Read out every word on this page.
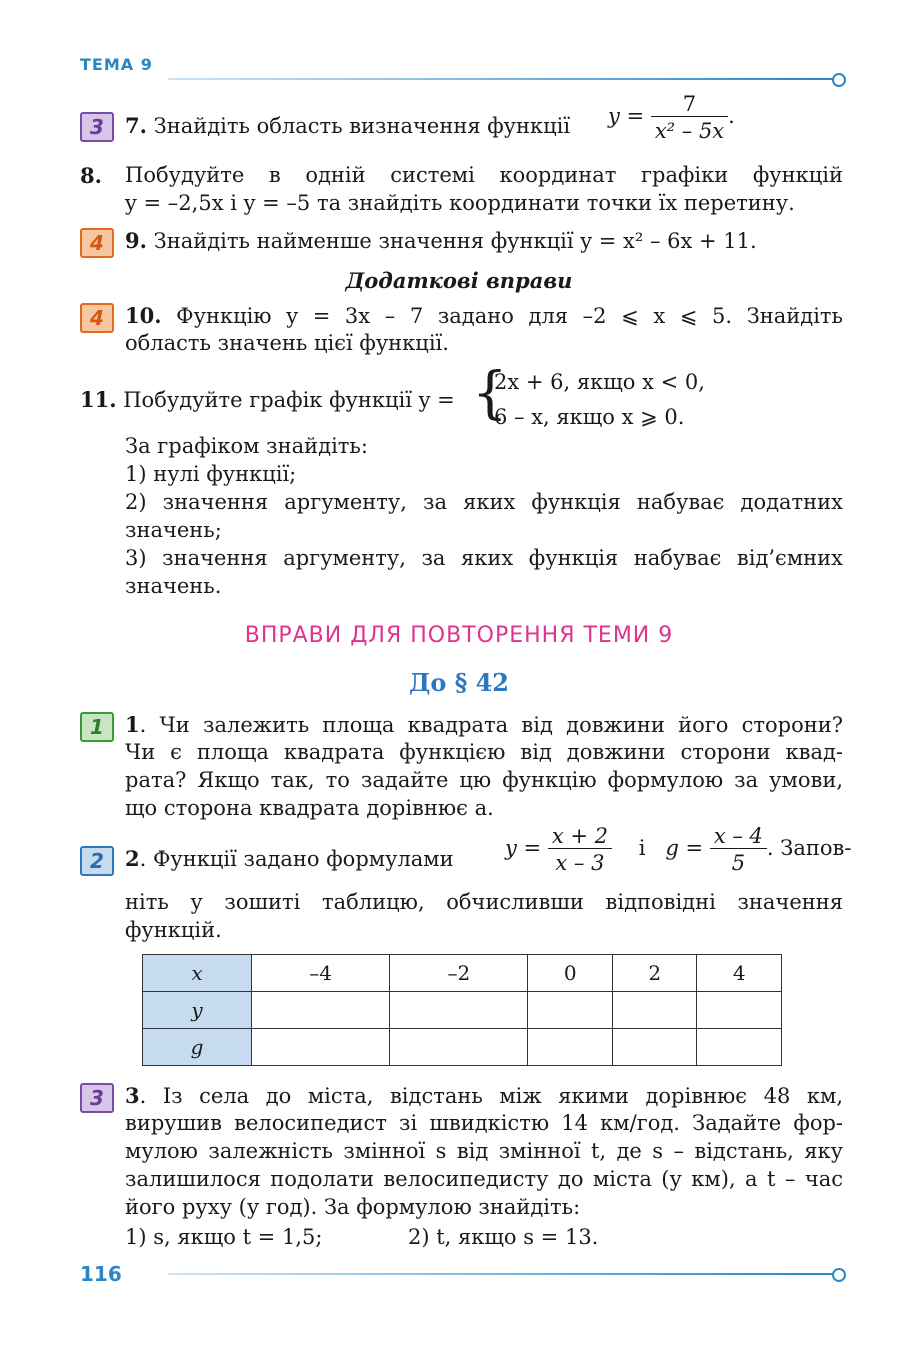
ТЕМА 9
3	7. Знайдіть область визначення функції $y = \frac{7}{\text{x² – 5x}}$ .
8. Побудуйте в одній системі координат графіки функцій
y = –2,5x і y = –5 та знайдіть координати точки їх перетину.
4	9. Знайдіть найменше значення функції y = x² – 6x + 11.
Додаткові вправи
4	10. Функцію y = 3x – 7 задано для –2 ⩽ x ⩽ 5. Знайдіть
область значень цієї функції.
11. Побудуйте графік функції y = {
2x + 6, якщо x < 0,
6 – x, якщо x ⩾ 0.
За графіком знайдіть:
1) нулі функції;
2) значення аргументу, за яких функція набуває додатних
значень;
3) значення аргументу, за яких функція набуває від’ємних
значень.
ВПРАВИ ДЛЯ ПОВТОРЕННЯ ТЕМИ 9
До § 42
1	1. Чи залежить площа квадрата від довжини його сторони?
Чи є площа квадрата функцією від довжини сторони квад-
рата? Якщо так, то задайте цю функцію формулою за умови,
що сторона квадрата дорівнює a.
2	2. Функції задано формулами $y = \frac{x + 2}{x - 3}$ і $g = \frac{x - 4}{5}$ . Запов-
ніть у зошиті таблицю, обчисливши відповідні значення
функцій.
x	–4	–2	0	2	4
y					
g					
3	3. Із села до міста, відстань між якими дорівнює 48 км,
вирушив велосипедист зі швидкістю 14 км/год. Задайте фор-
мулою залежність змінної s від змінної t, де s – відстань, яку
залишилося подолати велосипедисту до міста (у км), а t – час
його руху (у год). За формулою знайдіть:
1) s, якщо t = 1,5;	2) t, якщо s = 13.
116
